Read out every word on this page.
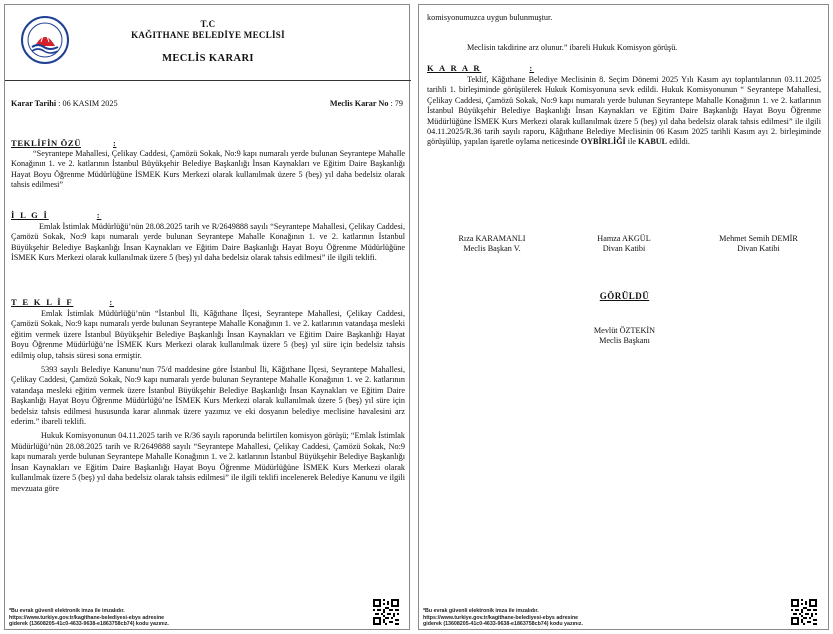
T.C
KAĞITHANE BELEDİYE MECLİSİ
MECLİS KARARI
Karar Tarihi : 06 KASIM 2025	Meclis Karar No : 79
TEKLİFİN ÖZÜ	:

“Seyrantepe Mahallesi, Çelikay Caddesi, Çamözü Sokak, No:9 kapı numaralı yerde bulunan Seyrantepe Mahalle Konağının 1. ve 2. katlarının İstanbul Büyükşehir Belediye Başkanlığı İnsan Kaynakları ve Eğitim Daire Başkanlığı Hayat Boyu Öğrenme Müdürlüğüne İSMEK Kurs Merkezi olarak kullanılmak üzere 5 (beş) yıl daha bedelsiz olarak tahsis edilmesi”

İ L G İ	:

Emlak İstimlak Müdürlüğü’nün 28.08.2025 tarih ve R/2649888 sayılı “Seyrantepe Mahallesi, Çelikay Caddesi, Çamözü Sokak, No:9 kapı numaralı yerde bulunan Seyrantepe Mahalle Konağının 1. ve 2. katlarının İstanbul Büyükşehir Belediye Başkanlığı İnsan Kaynakları ve Eğitim Daire Başkanlığı Hayat Boyu Öğrenme Müdürlüğüne İSMEK Kurs Merkezi olarak kullanılmak üzere 5 (beş) yıl daha bedelsiz olarak tahsis edilmesi” ile ilgili teklifi.

T E K L İ F	:

Emlak İstimlak Müdürlüğü’nün “İstanbul İli, Kâğıthane İlçesi, Seyrantepe Mahallesi, Çelikay Caddesi, Çamözü Sokak, No:9 kapı numaralı yerde bulunan Seyrantepe Mahalle Konağının 1. ve 2. katlarının vatandaşa mesleki eğitim vermek üzere İstanbul Büyükşehir Belediye Başkanlığı İnsan Kaynakları ve Eğitim Daire Başkanlığı Hayat Boyu Öğrenme Müdürlüğü’ne İSMEK Kurs Merkezi olarak kullanılmak üzere 5 (beş) yıl süre için bedelsiz tahsis edilmiş olup, tahsis süresi sona ermiştir.

5393 sayılı Belediye Kanunu’nun 75/d maddesine göre İstanbul İli, Kâğıthane İlçesi, Seyrantepe Mahallesi, Çelikay Caddesi, Çamözü Sokak, No:9 kapı numaralı yerde bulunan Seyrantepe Mahalle Konağının 1. ve 2. katlarının vatandaşa mesleki eğitim vermek üzere İstanbul Büyükşehir Belediye Başkanlığı İnsan Kaynakları ve Eğitim Daire Başkanlığı Hayat Boyu Öğrenme Müdürlüğü’ne İSMEK Kurs Merkezi olarak kullanılmak üzere 5 (beş) yıl süre için bedelsiz tahsis edilmesi hususunda karar alınmak üzere yazımız ve eki dosyanın belediye meclisine havalesini arz ederim.” ibareli teklifi.

Hukuk Komisyonunun 04.11.2025 tarih ve R/36 sayılı raporunda belirtilen komisyon görüşü; “Emlak İstimlak Müdürlüğü’nün 28.08.2025 tarih ve R/2649888 sayılı “Seyrantepe Mahallesi, Çelikay Caddesi, Çamözü Sokak, No:9 kapı numaralı yerde bulunan Seyrantepe Mahalle Konağının 1. ve 2. katlarının İstanbul Büyükşehir Belediye Başkanlığı İnsan Kaynakları ve Eğitim Daire Başkanlığı Hayat Boyu Öğrenme Müdürlüğüne İSMEK Kurs Merkezi olarak kullanılmak üzere 5 (beş) yıl daha bedelsiz olarak tahsis edilmesi” ile ilgili teklifi incelenerek Belediye Kanunu ve ilgili mevzuata göre

*Bu evrak güvenli elektronik imza ile imzalıdır.
https://www.turkiye.gov.tr/kagithane-belediyesi-ebys adresine
giderek (13608205-41c0-4633-9638-e1863758cb74) kodu yazınız.

komisyonumuzca uygun bulunmuştur.

Meclisin takdirine arz olunur.” ibareli Hukuk Komisyon görüşü.

K A R A R	:

Teklif, Kâğıthane Belediye Meclisinin 8. Seçim Dönemi 2025 Yılı Kasım ayı toplantılarının 03.11.2025 tarihli 1. birleşiminde görüşülerek Hukuk Komisyonuna sevk edildi. Hukuk Komisyonunun “ Seyrantepe Mahallesi, Çelikay Caddesi, Çamözü Sokak, No:9 kapı numaralı yerde bulunan Seyrantepe Mahalle Konağının 1. ve 2. katlarının İstanbul Büyükşehir Belediye Başkanlığı İnsan Kaynakları ve Eğitim Daire Başkanlığı Hayat Boyu Öğrenme Müdürlüğüne İSMEK Kurs Merkezi olarak kullanılmak üzere 5 (beş) yıl daha bedelsiz olarak tahsis edilmesi” ile ilgili 04.11.2025/R.36 tarih sayılı raporu, Kâğıthane Belediye Meclisinin 06 Kasım 2025 tarihli Kasım ayı 2. birleşiminde görüşülüp, yapılan işaretle oylama neticesinde OYBİRLİĞİ ile KABUL edildi.

Rıza KARAMANLI
Meclis Başkan V.
Hamza AKGÜL
Divan Katibi
Mehmet Semih DEMİR
Divan Katibi
GÖRÜLDÜ
Mevlüt ÖZTEKİN
Meclis Başkanı
*Bu evrak güvenli elektronik imza ile imzalıdır.
https://www.turkiye.gov.tr/kagithane-belediyesi-ebys adresine
giderek (13608205-41c0-4633-9638-e1863758cb74) kodu yazınız.
